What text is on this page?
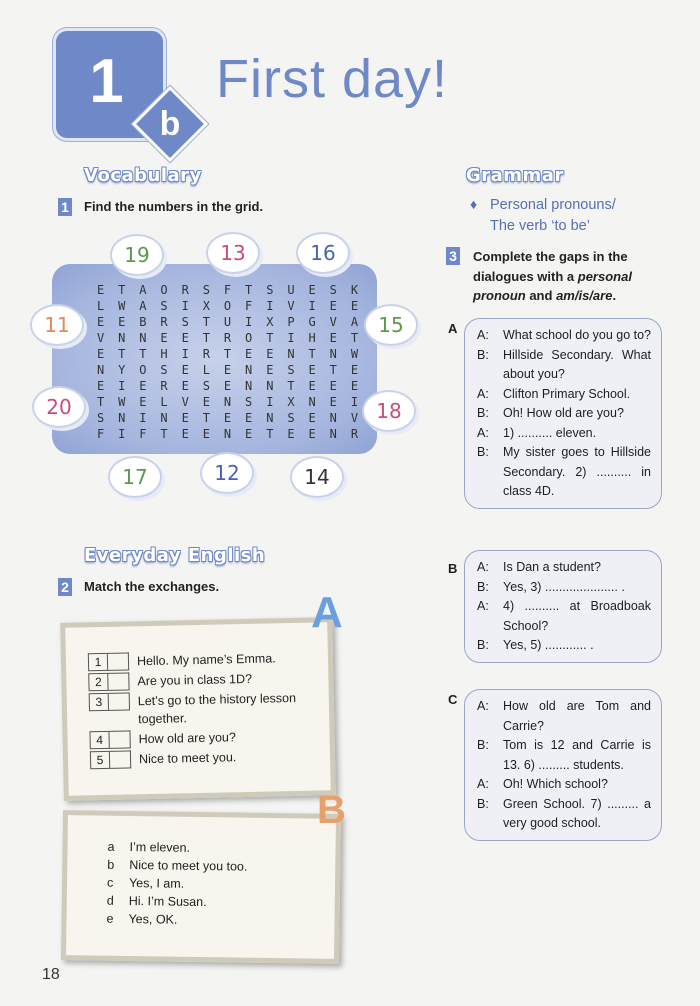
1
b
First day!
Vocabulary
1 Find the numbers in the grid.
E	T	A	O	R	S	F	T	S	U	E	S	K
L	W	A	S	I	X	O	F	I	V	I	E	E
E	E	B	R	S	T	U	I	X	P	G	V	A
V	N	N	E	E	T	R	O	T	I	H	E	T
E	T	T	H	I	R	T	E	E	N	T	N	W
N	Y	O	S	E	L	E	N	E	S	E	T	E
E	I	E	R	E	S	E	N	N	T	E	E	E
T	W	E	L	V	E	N	S	I	X	N	E	I
S	N	I	N	E	T	E	E	N	S	E	N	V
F	I	F	T	E	E	N	E	T	E	E	N	R
19	13	16
11	15
20	18
17	12	14
Everyday English
2 Match the exchanges.
1	Hello. My name’s Emma.
2	Are you in class 1D?
3	Let’s go to the history lesson together.
4	How old are you?
5	Nice to meet you.
A
a	I’m eleven.
b	Nice to meet you too.
c	Yes, I am.
d	Hi. I’m Susan.
e	Yes, OK.
B
Grammar
♦ Personal pronouns/
The verb ‘to be’
3 Complete the gaps in the
dialogues with a personal
pronoun and am/is/are.
A A:	What school do you go to?
B:	Hillside Secondary. What about you?
A:	Clifton Primary School.
B:	Oh! How old are you?
A:	1) .......... eleven.
B:	My sister goes to Hillside Secondary. 2) .......... in class 4D.
B A:	Is Dan a student?
B:	Yes, 3) ..................... .
A:	4) .......... at Broadboak School?
B:	Yes, 5) ............ .
C A:	How old are Tom and Carrie?
B:	Tom is 12 and Carrie is 13. 6) ......... students.
A:	Oh! Which school?
B:	Green School. 7) ......... a very good school.
18
